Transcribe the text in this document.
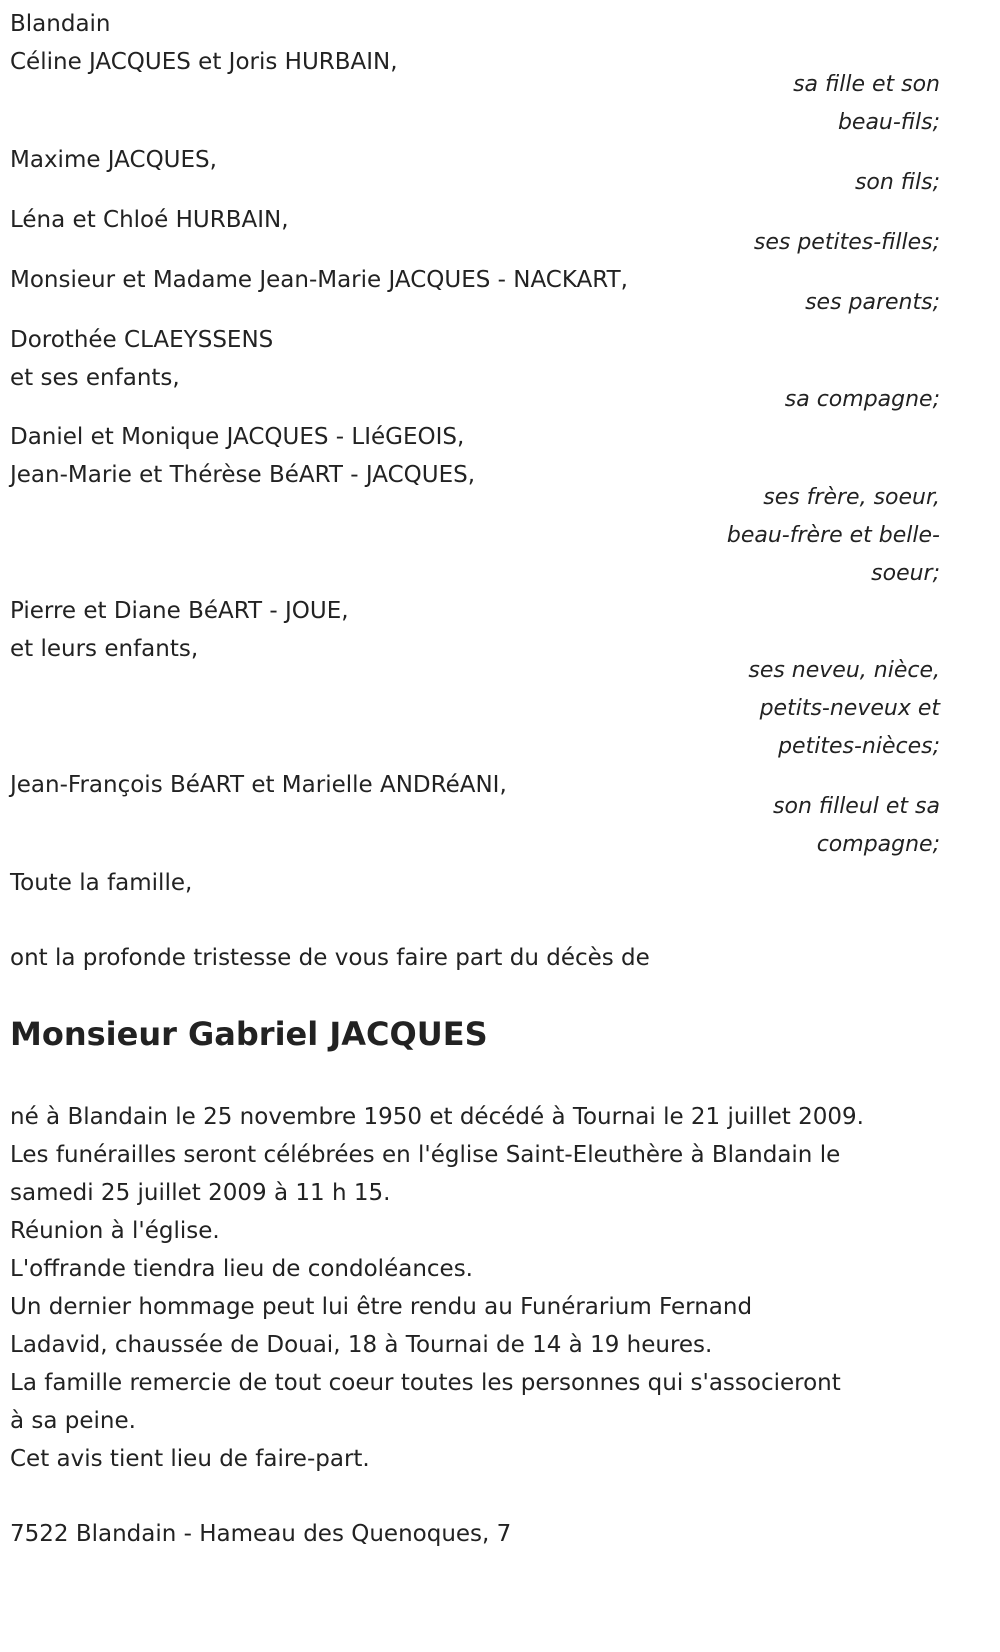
Blandain
Céline JACQUES et Joris HURBAIN,
sa fille et son
beau-fils;
Maxime JACQUES,
son fils;
Léna et Chloé HURBAIN,
ses petites-filles;
Monsieur et Madame Jean-Marie JACQUES - NACKART,
ses parents;
Dorothée CLAEYSSENS
et ses enfants,
sa compagne;
Daniel et Monique JACQUES - LIéGEOIS,
Jean-Marie et Thérèse BéART - JACQUES,
ses frère, soeur,
beau-frère et belle-
soeur;
Pierre et Diane BéART - JOUE,
et leurs enfants,
ses neveu, nièce,
petits-neveux et
petites-nièces;
Jean-François BéART et Marielle ANDRéANI,
son filleul et sa
compagne;
Toute la famille,
ont la profonde tristesse de vous faire part du décès de
Monsieur Gabriel JACQUES
né à Blandain le 25 novembre 1950 et décédé à Tournai le 21 juillet 2009.
Les funérailles seront célébrées en l'église Saint-Eleuthère à Blandain le
samedi 25 juillet 2009 à 11 h 15.
Réunion à l'église.
L'offrande tiendra lieu de condoléances.
Un dernier hommage peut lui être rendu au Funérarium Fernand
Ladavid, chaussée de Douai, 18 à Tournai de 14 à 19 heures.
La famille remercie de tout coeur toutes les personnes qui s'associeront
à sa peine.
Cet avis tient lieu de faire-part.
7522 Blandain - Hameau des Quenoques, 7
